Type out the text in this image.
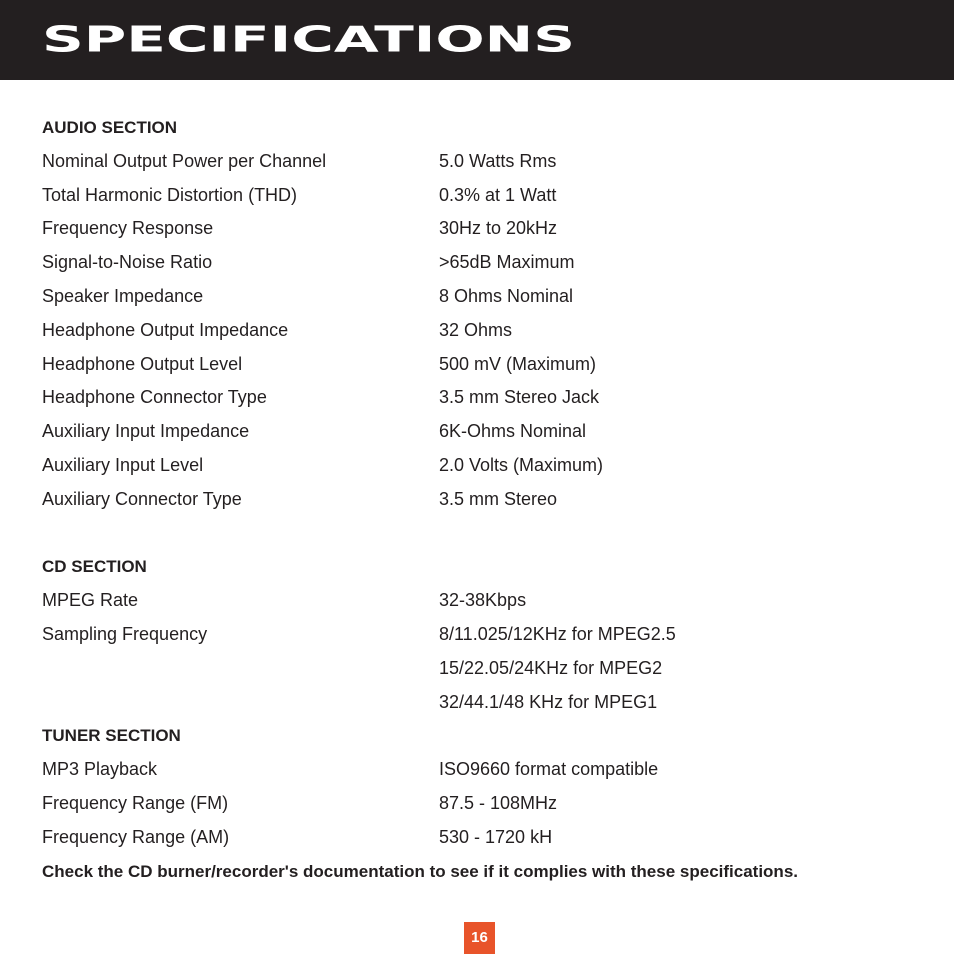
SPECIFICATIONS
AUDIO SECTION
Nominal Output Power per Channel	5.0 Watts Rms
Total Harmonic Distortion (THD)	0.3% at 1 Watt
Frequency Response	30Hz to 20kHz
Signal-to-Noise Ratio	>65dB Maximum
Speaker Impedance	8 Ohms Nominal
Headphone Output Impedance	32 Ohms
Headphone Output Level	500 mV (Maximum)
Headphone Connector Type	3.5 mm Stereo Jack
Auxiliary Input Impedance	6K-Ohms Nominal
Auxiliary Input Level	2.0 Volts (Maximum)
Auxiliary Connector Type	3.5 mm Stereo
CD SECTION
MPEG Rate	32-38Kbps
Sampling Frequency	8/11.025/12KHz for MPEG2.5
15/22.05/24KHz for MPEG2
32/44.1/48 KHz for MPEG1
TUNER SECTION
MP3 Playback	ISO9660 format compatible
Frequency Range (FM)	87.5 - 108MHz
Frequency Range (AM)	530 - 1720 kH
Check the CD burner/recorder's documentation to see if it complies with these specifications.
16
